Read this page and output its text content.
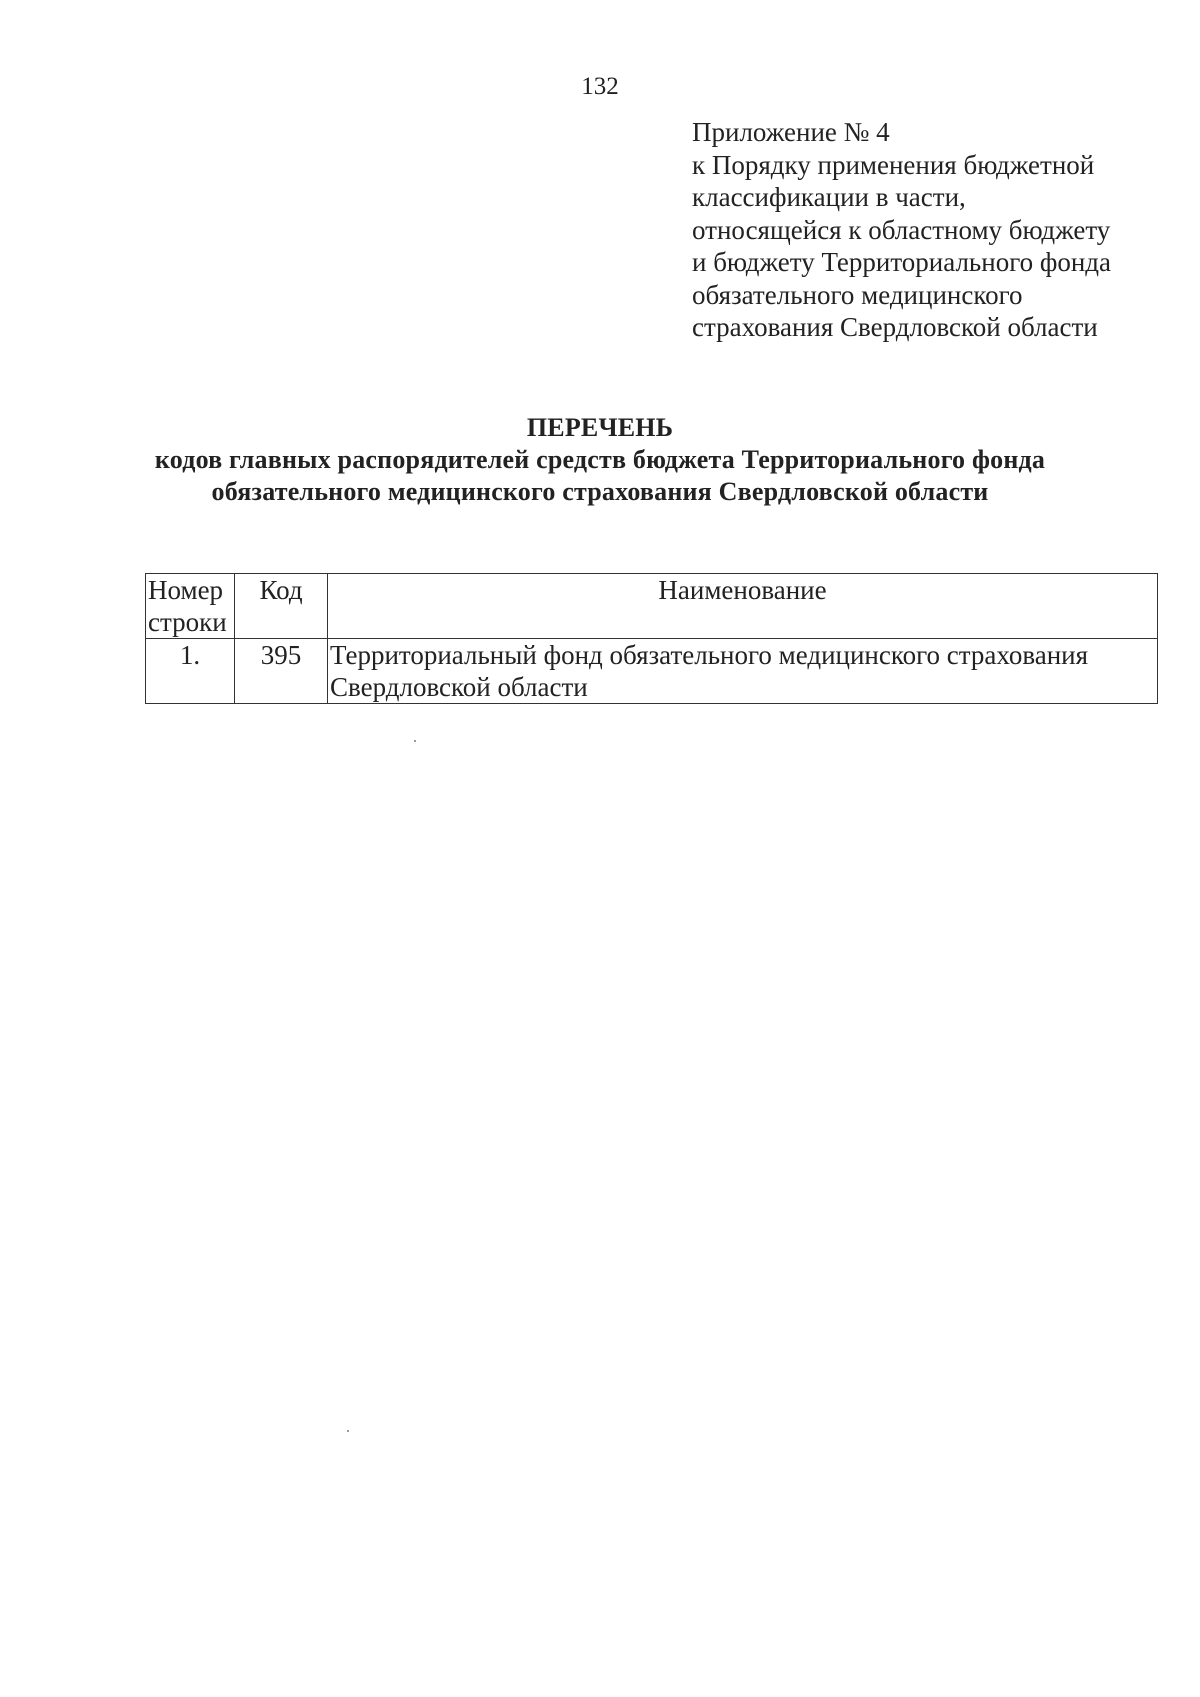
132
Приложение № 4
к Порядку применения бюджетной
классификации в части,
относящейся к областному бюджету
и бюджету Территориального фонда
обязательного медицинского
страхования Свердловской области
ПЕРЕЧЕНЬ
кодов главных распорядителей средств бюджета Территориального фонда
обязательного медицинского страхования Свердловской области
Номер
строки	Код	Наименование
1.	395	Территориальный фонд обязательного медицинского страхования Свердловской области
